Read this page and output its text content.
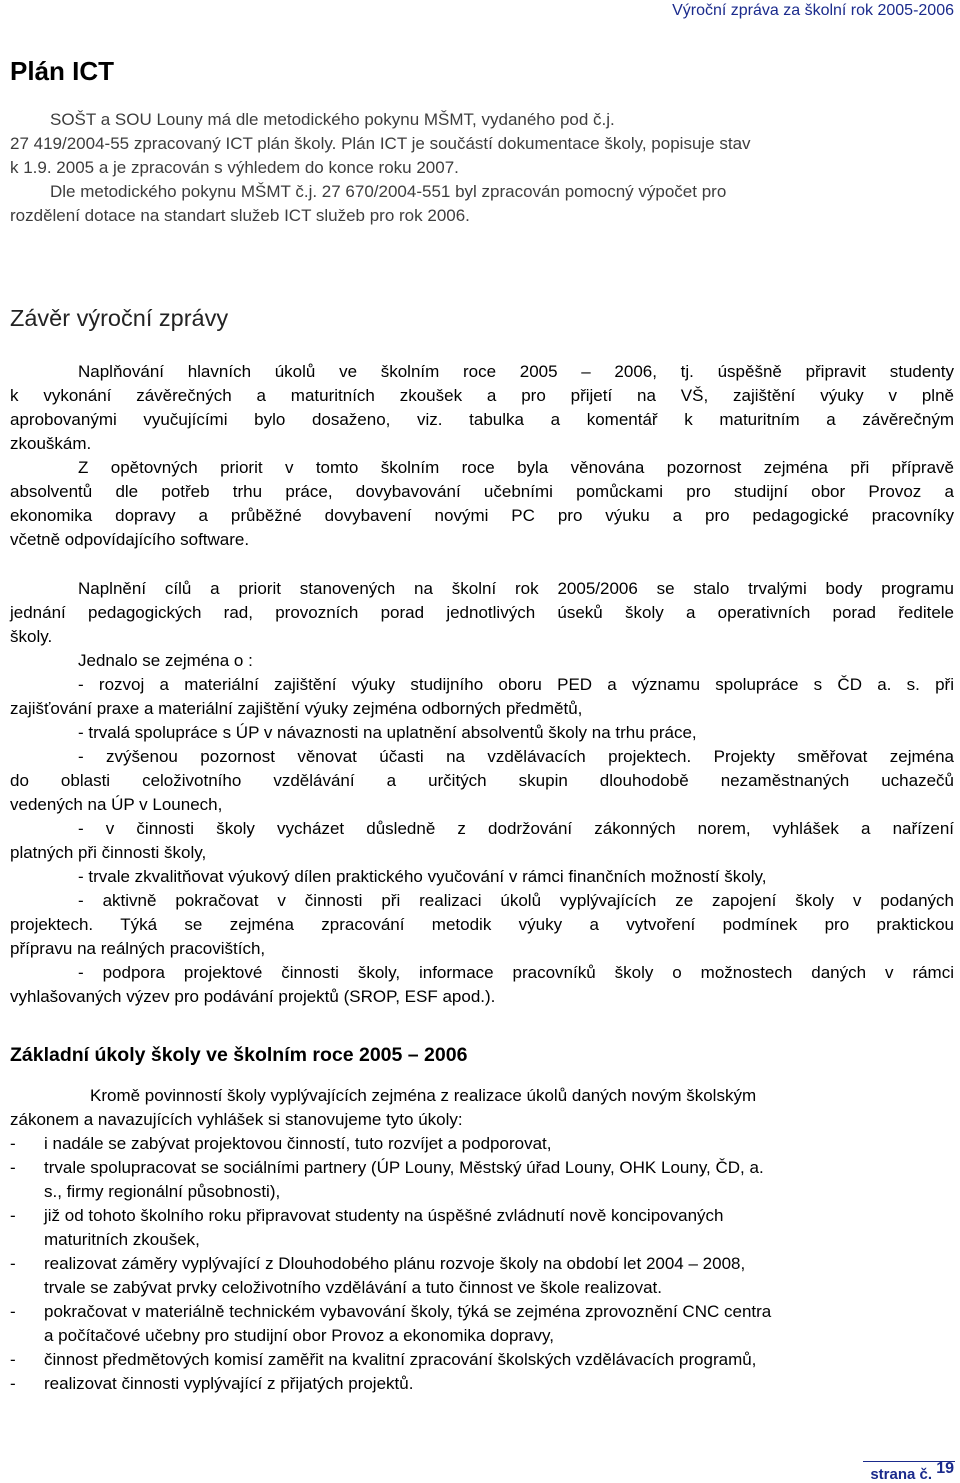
Výroční zpráva za školní rok 2005-2006
Plán ICT
SOŠT a SOU Louny má dle metodického pokynu MŠMT, vydaného pod č.j.
27 419/2004-55 zpracovaný ICT plán školy. Plán ICT je součástí dokumentace školy, popisuje stav
k 1.9. 2005 a je zpracován s výhledem do konce roku 2007.
Dle metodického pokynu MŠMT č.j. 27 670/2004-551 byl zpracován pomocný výpočet pro
rozdělení dotace na standart služeb ICT služeb pro rok 2006.
Závěr výroční zprávy
Naplňování hlavních úkolů ve školním roce 2005 – 2006, tj. úspěšně připravit studenty
k vykonání závěrečných a maturitních zkoušek a pro přijetí na VŠ, zajištění výuky v plně
aprobovanými vyučujícími bylo dosaženo, viz. tabulka a komentář k maturitním a závěrečným
zkouškám.
Z opětovných priorit v tomto školním roce byla věnována pozornost zejména při přípravě
absolventů dle potřeb trhu práce, dovybavování učebními pomůckami pro studijní obor Provoz a
ekonomika dopravy a průběžné dovybavení novými PC pro výuku a pro pedagogické pracovníky
včetně odpovídajícího software.
Naplnění cílů a priorit stanovených na školní rok 2005/2006 se stalo trvalými body programu
jednání pedagogických rad, provozních porad jednotlivých úseků školy a operativních porad ředitele
školy.
Jednalo se zejména o :
- rozvoj a materiální zajištění výuky studijního oboru PED a významu spolupráce s ČD a. s. při
zajišťování praxe a materiální zajištění výuky zejména odborných předmětů,
- trvalá spolupráce s ÚP v návaznosti na uplatnění absolventů školy na trhu práce,
- zvýšenou pozornost věnovat účasti na vzdělávacích projektech. Projekty směřovat zejména
do oblasti celoživotního vzdělávání a určitých skupin dlouhodobě nezaměstnaných uchazečů
vedených na ÚP v Lounech,
- v činnosti školy vycházet důsledně z dodržování zákonných norem, vyhlášek a nařízení
platných při činnosti školy,
- trvale zkvalitňovat výukový dílen praktického vyučování v rámci finančních možností školy,
- aktivně pokračovat v činnosti při realizaci úkolů vyplývajících ze zapojení školy v podaných
projektech. Týká se zejména zpracování metodik výuky a vytvoření podmínek pro praktickou
přípravu na reálných pracovištích,
- podpora projektové činnosti školy, informace pracovníků školy o možnostech daných v rámci
vyhlašovaných výzev pro podávání projektů (SROP, ESF apod.).
Základní úkoly školy ve školním roce 2005 – 2006
Kromě povinností školy vyplývajících zejména z realizace úkolů daných novým školským
zákonem a navazujících vyhlášek si stanovujeme tyto úkoly:
- i nadále se zabývat projektovou činností, tuto rozvíjet a podporovat,
- trvale spolupracovat se sociálními partnery (ÚP Louny, Městský úřad Louny, OHK Louny, ČD, a.
s., firmy regionální působnosti),
- již od tohoto školního roku připravovat studenty na úspěšné zvládnutí nově koncipovaných
maturitních zkoušek,
- realizovat záměry vyplývající z Dlouhodobého plánu rozvoje školy na období let 2004 – 2008,
trvale se zabývat prvky celoživotního vzdělávání a tuto činnost ve škole realizovat.
- pokračovat v materiálně technickém vybavování školy, týká se zejména zprovoznění CNC centra
a počítačové učebny pro studijní obor Provoz a ekonomika dopravy,
- činnost předmětových komisí zaměřit na kvalitní zpracování školských vzdělávacích programů,
- realizovat činnosti vyplývající z přijatých projektů.
strana č. $^{19}$
